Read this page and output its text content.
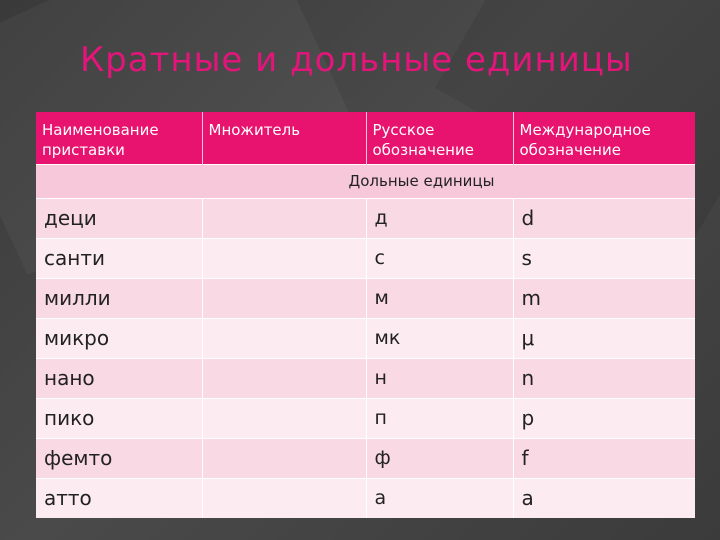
Кратные и дольные единицы
Наименование приставки	Множитель	Русское обозначение	Международное обозначение
Дольные единицы			
деци		д	d
санти		с	s
милли		м	m
микро		мк	μ
нано		н	n
пико		п	p
фемто		ф	f
атто		а	a
